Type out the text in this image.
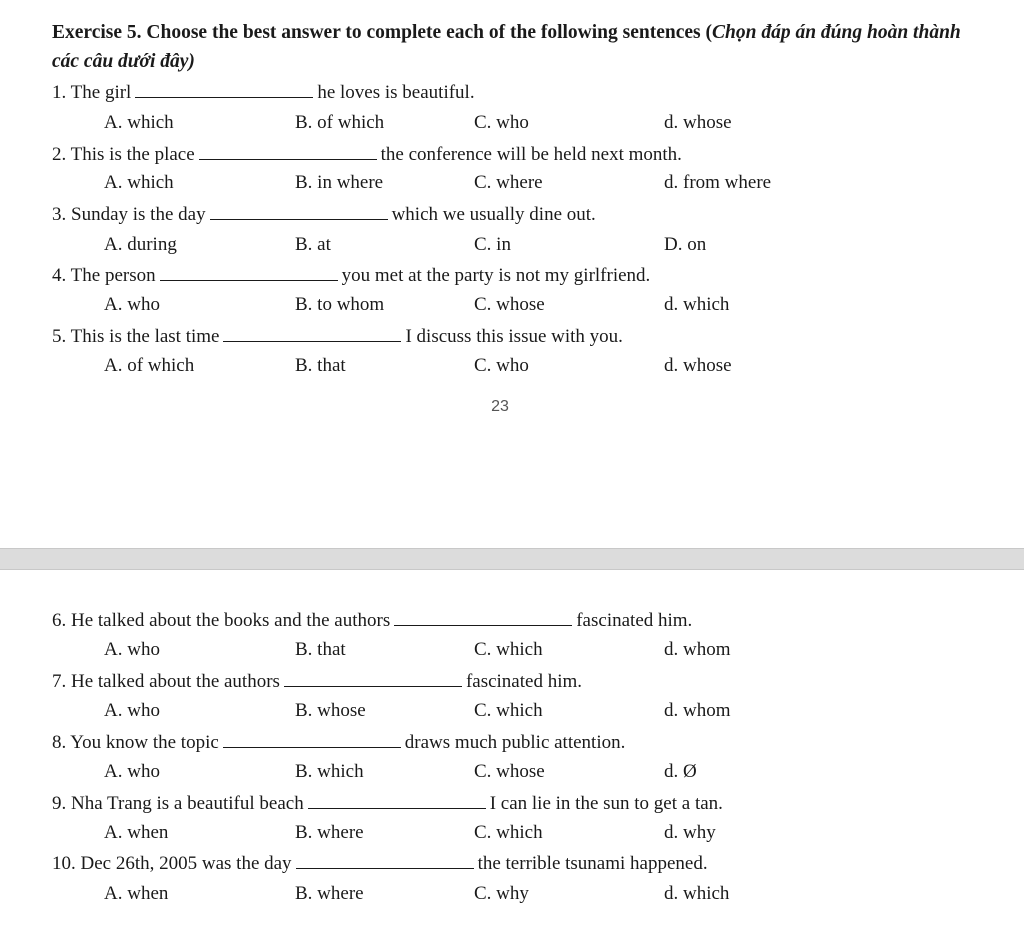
Exercise 5. Choose the best answer to complete each of the following sentences (Chọn đáp án đúng hoàn thành các câu dưới đây)
1. The girl	he loves is beautiful.
A. which	B. of which	C. who	d. whose
2. This is the place	the conference will be held next month.
A. which	B. in where	C. where	d. from where
3. Sunday is the day	which we usually dine out.
A. during	B. at	C. in	D. on
4. The person	you met at the party is not my girlfriend.
A. who	B. to whom	C. whose	d. which
5. This is the last time	I discuss this issue with you.
A. of which	B. that	C. who	d. whose
23
6. He talked about the books and the authors	fascinated him.
A. who	B. that	C. which	d. whom
7. He talked about the authors	fascinated him.
A. who	B. whose	C. which	d. whom
8. You know the topic	draws much public attention.
A. who	B. which	C. whose	d. Ø
9. Nha Trang is a beautiful beach	I can lie in the sun to get a tan.
A. when	B. where	C. which	d. why
10. Dec 26th, 2005 was the day	the terrible tsunami happened.
A. when	B. where	C. why	d. which
